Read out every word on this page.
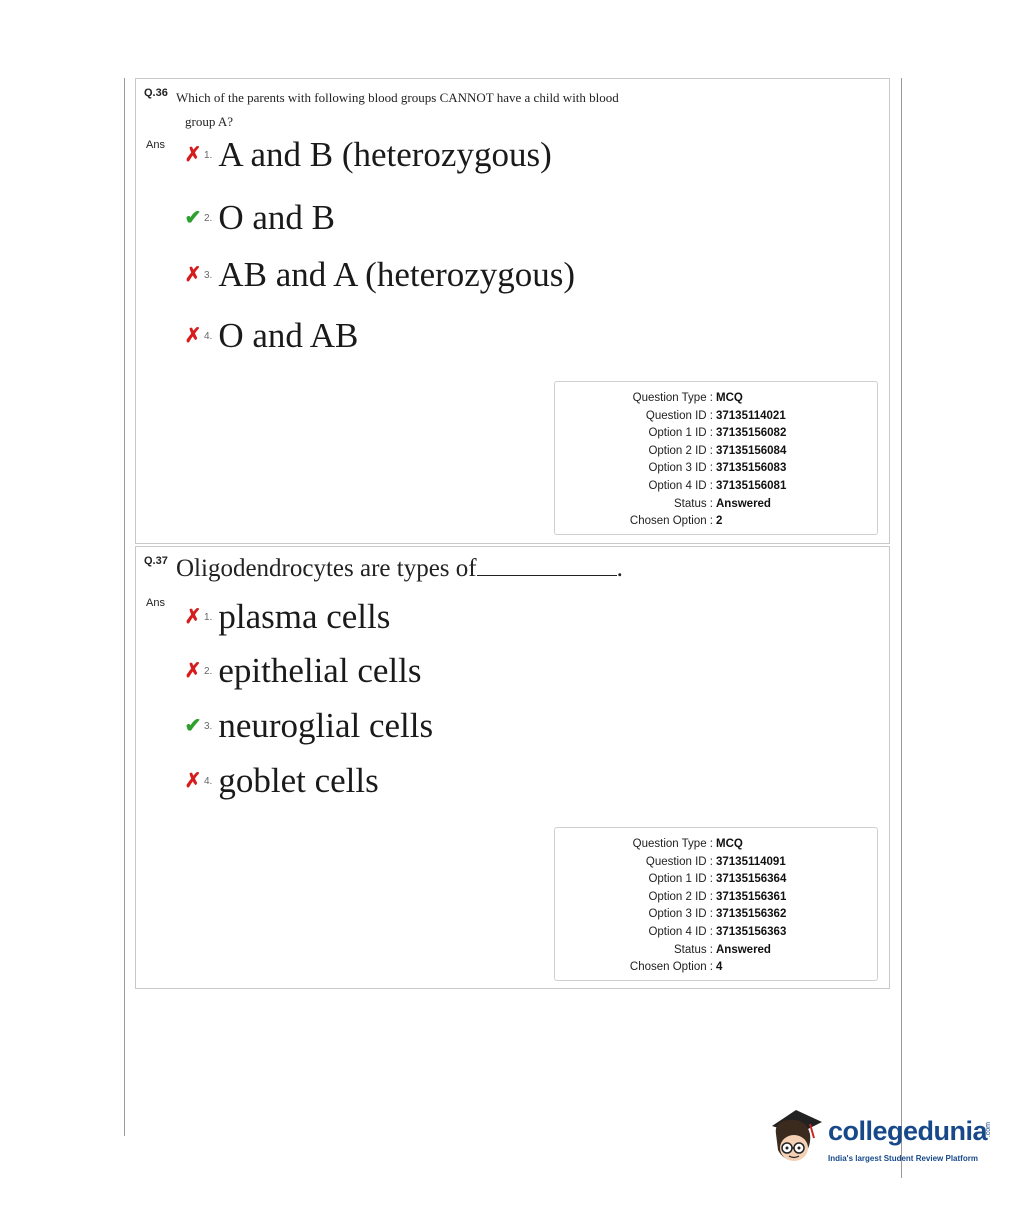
Q.36 Which of the parents with following blood groups CANNOT have a child with blood
group A?
Ans ✗ 1. A and B (heterozygous)
✔ 2. O and B
✗ 3. AB and A (heterozygous)
✗ 4. O and AB
Question Type : MCQ
Question ID : 37135114021
Option 1 ID : 37135156082
Option 2 ID : 37135156084
Option 3 ID : 37135156083
Option 4 ID : 37135156081
Status : Answered
Chosen Option : 2
Q.37 Oligodendrocytes are types of	.
Ans
✗ 1. plasma cells
✗ 2. epithelial cells
✔ 3. neuroglial cells
✗ 4. goblet cells
Question Type : MCQ
Question ID : 37135114091
Option 1 ID : 37135156364
Option 2 ID : 37135156361
Option 3 ID : 37135156362
Option 4 ID : 37135156363
Status : Answered
Chosen Option : 4
collegedunia
.com
India's largest Student Review Platform
